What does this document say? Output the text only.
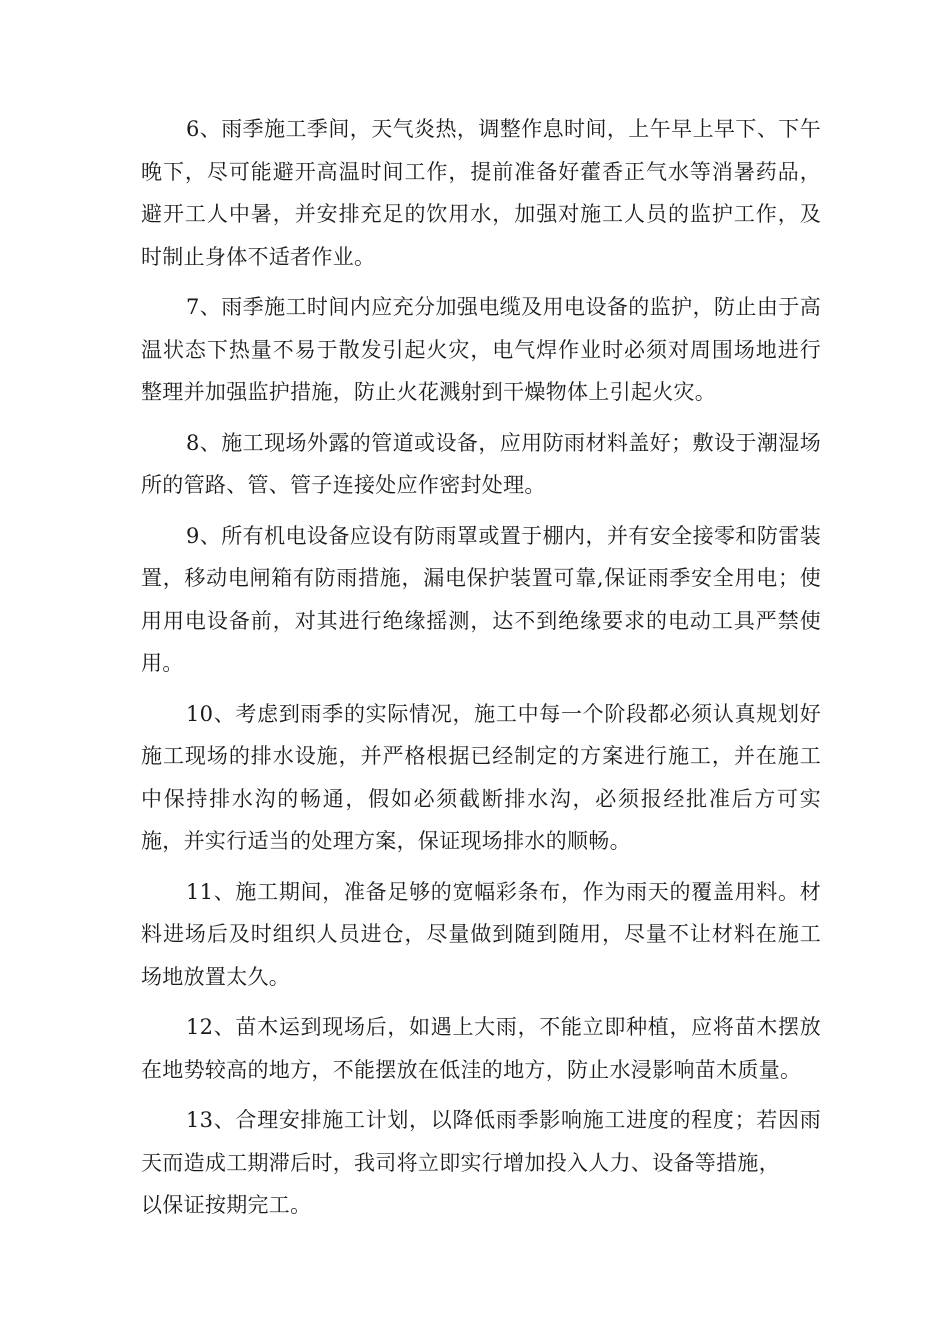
6、雨季施工季间，天气炎热，调整作息时间，上午早上早下、下午晚下，尽可能避开高温时间工作，提前准备好藿香正气水等消暑药品，避开工人中暑，并安排充足的饮用水，加强对施工人员的监护工作，及时制止身体不适者作业。

7、雨季施工时间内应充分加强电缆及用电设备的监护，防止由于高温状态下热量不易于散发引起火灾，电气焊作业时必须对周围场地进行整理并加强监护措施，防止火花溅射到干燥物体上引起火灾。

8、施工现场外露的管道或设备，应用防雨材料盖好；敷设于潮湿场所的管路、管、管子连接处应作密封处理。

9、所有机电设备应设有防雨罩或置于棚内，并有安全接零和防雷装置，移动电闸箱有防雨措施，漏电保护装置可靠,保证雨季安全用电；使用用电设备前，对其进行绝缘摇测，达不到绝缘要求的电动工具严禁使用。

10、考虑到雨季的实际情况，施工中每一个阶段都必须认真规划好施工现场的排水设施，并严格根据已经制定的方案进行施工，并在施工中保持排水沟的畅通，假如必须截断排水沟，必须报经批准后方可实施，并实行适当的处理方案，保证现场排水的顺畅。

11、施工期间，准备足够的宽幅彩条布，作为雨天的覆盖用料。材料进场后及时组织人员进仓，尽量做到随到随用，尽量不让材料在施工场地放置太久。

12、苗木运到现场后，如遇上大雨，不能立即种植，应将苗木摆放在地势较高的地方，不能摆放在低洼的地方，防止水浸影响苗木质量。

13、合理安排施工计划，以降低雨季影响施工进度的程度；若因雨天而造成工期滞后时，我司将立即实行增加投入人力、设备等措施，
以保证按期完工。
